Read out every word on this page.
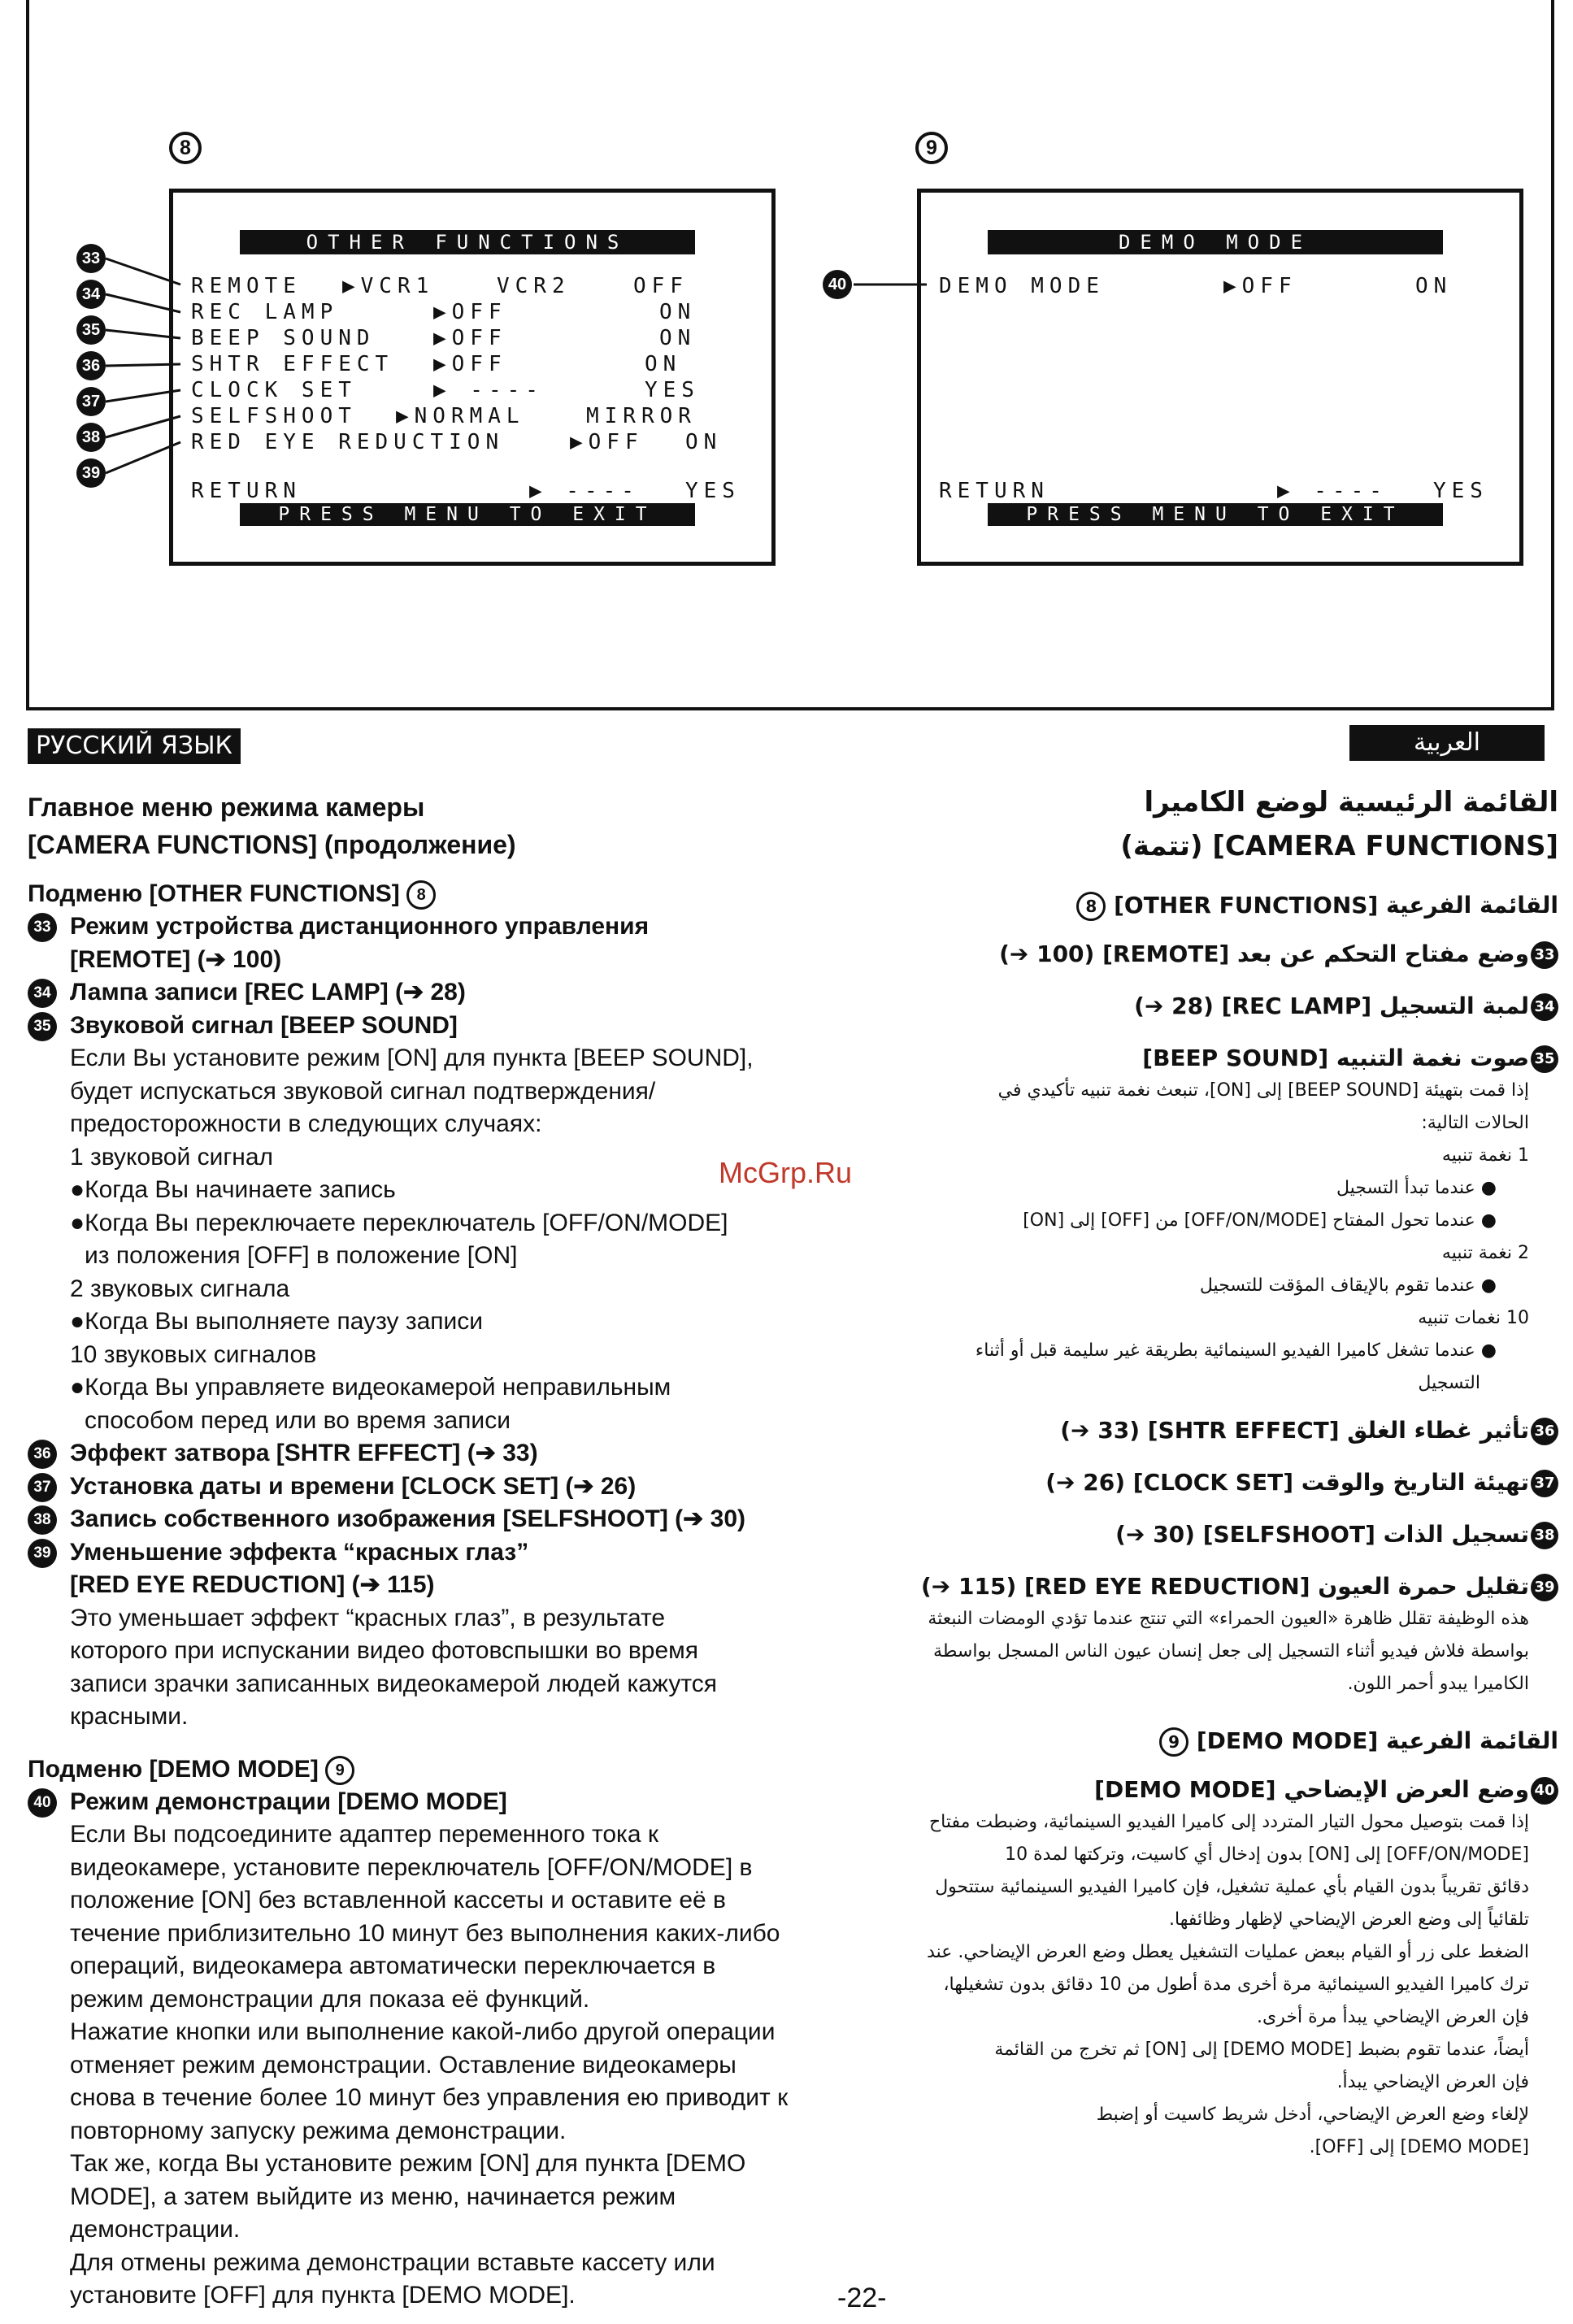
8	9
OTHER FUNCTIONS
REMOTE ▶VCR1	VCR2	OFF
REC LAMP	▶OFF	ON
BEEP SOUND	▶OFF	ON
SHTR EFFECT ▶OFF	ON
CLOCK SET	▶ ----	YES
SELFSHOOT ▶NORMAL	MIRROR
RED EYE REDUCTION	▶OFF ON
RETURN	▶ ---- YES
PRESS MENU TO EXIT
DEMO MODE
DEMO MODE	▶OFF	ON
RETURN	▶ ---- YES
PRESS MENU TO EXIT
33
34
35
36
37
38
39
40
РУССКИЙ ЯЗЫК	العربية
Главное меню режима камеры
[CAMERA FUNCTIONS] (продолжение)
Подменю [OTHER FUNCTIONS] 8
33 Режим устройства дистанционного управления
[REMOTE] (➔ 100)
34 Лампа записи [REC LAMP] (➔ 28)
35 Звуковой сигнал [BEEP SOUND]
Если Вы установите режим [ON] для пункта [BEEP SOUND],
будет испускаться звуковой сигнал подтверждения/
предосторожности в следующих случаях:
1 звуковой сигнал
●Когда Вы начинаете запись
●Когда Вы переключаете переключатель [OFF/ON/MODE]
из положения [OFF] в положение [ON]
2 звуковых сигнала
●Когда Вы выполняете паузу записи
10 звуковых сигналов
●Когда Вы управляете видеокамерой неправильным
способом перед или во время записи
36 Эффект затвора [SHTR EFFECT] (➔ 33)
37 Установка даты и времени [CLOCK SET] (➔ 26)
38 Запись собственного изображения [SELFSHOOT] (➔ 30)
39 Уменьшение эффекта “красных глаз”
[RED EYE REDUCTION] (➔ 115)
Это уменьшает эффект “красных глаз”, в результате
которого при испускании видео фотовспышки во время
записи зрачки записанных видеокамерой людей кажутся
красными.
Подменю [DEMO MODE] 9
40 Режим демонстрации [DEMO MODE]
Если Вы подсоедините адаптер переменного тока к
видеокамере, установите переключатель [OFF/ON/MODE] в
положение [ON] без вставленной кассеты и оставите её в
течение приблизительно 10 минут без выполнения каких-либо
операций, видеокамера автоматически переключается в
режим демонстрации для показа её функций.
Нажатие кнопки или выполнение какой-либо другой операции
отменяет режим демонстрации. Оставление видеокамеры
снова в течение более 10 минут без управления ею приводит к
повторному запуску режима демонстрации.
Так же, когда Вы установите режим [ON] для пункта [DEMO
MODE], а затем выйдите из меню, начинается режим
демонстрации.
Для отмены режима демонстрации вставьте кассету или
установите [OFF] для пункта [DEMO MODE].
القائمة الرئيسية لوضع الكاميرا
[CAMERA FUNCTIONS] (تتمة)
القائمة الفرعية [OTHER FUNCTIONS] 8
33
وضع مفتاح التحكم عن بعد [REMOTE] (100 ➔)
34
لمبة التسجيل [REC LAMP] (28 ➔)
35
صوت نغمة التنبيه [BEEP SOUND]
إذا قمت بتهيئة [BEEP SOUND] إلى [ON]، تنبعث نغمة تنبيه تأكيدي في
الحالات التالية:
1 نغمة تنبيه
● عندما تبدأ التسجيل
● عندما تحول المفتاح [OFF/ON/MODE] من [OFF] إلى [ON]
2 نغمة تنبيه
● عندما تقوم بالإيقاف المؤقت للتسجيل
10 نغمات تنبيه
● عندما تشغل كاميرا الفيديو السينمائية بطريقة غير سليمة قبل أو أثناء
التسجيل
36
تأثير غطاء الغلق [SHTR EFFECT] (33 ➔)
37
تهيئة التاريخ والوقت [CLOCK SET] (26 ➔)
38
تسجيل الذات [SELFSHOOT] (30 ➔)
39
تقليل حمرة العيون [RED EYE REDUCTION] (115 ➔)
هذه الوظيفة تقلل ظاهرة «العيون الحمراء» التي تنتج عندما تؤدي الومضات النبعثة
بواسطة فلاش فيديو أثناء التسجيل إلى جعل إنسان عيون الناس المسجل بواسطة
الكاميرا يبدو أحمر اللون.
القائمة الفرعية [DEMO MODE] 9
40
وضع العرض الإيضاحي [DEMO MODE]
إذا قمت بتوصيل محول التيار المتردد إلى كاميرا الفيديو السينمائية، وضبطت مفتاح
[OFF/ON/MODE] إلى [ON] بدون إدخال أي كاسيت، وتركتها لمدة 10
دقائق تقريباً بدون القيام بأي عملية تشغيل، فإن كاميرا الفيديو السينمائية ستتحول
تلقائياً إلى وضع العرض الإيضاحي لإظهار وظائفها.
الضغط على زر أو القيام ببعض عمليات التشغيل يعطل وضع العرض الإيضاحي. عند
ترك كاميرا الفيديو السينمائية مرة أخرى مدة أطول من 10 دقائق بدون تشغيلها،
فإن العرض الإيضاحي يبدأ مرة أخرى.
أيضاً، عندما تقوم بضبط [DEMO MODE] إلى [ON] ثم تخرج من القائمة
فإن العرض الإيضاحي يبدأ.
لإلغاء وضع العرض الإيضاحي، أدخل شريط كاسيت أو إضبط
[DEMO MODE] إلى [OFF].
McGrp.Ru
-22-
